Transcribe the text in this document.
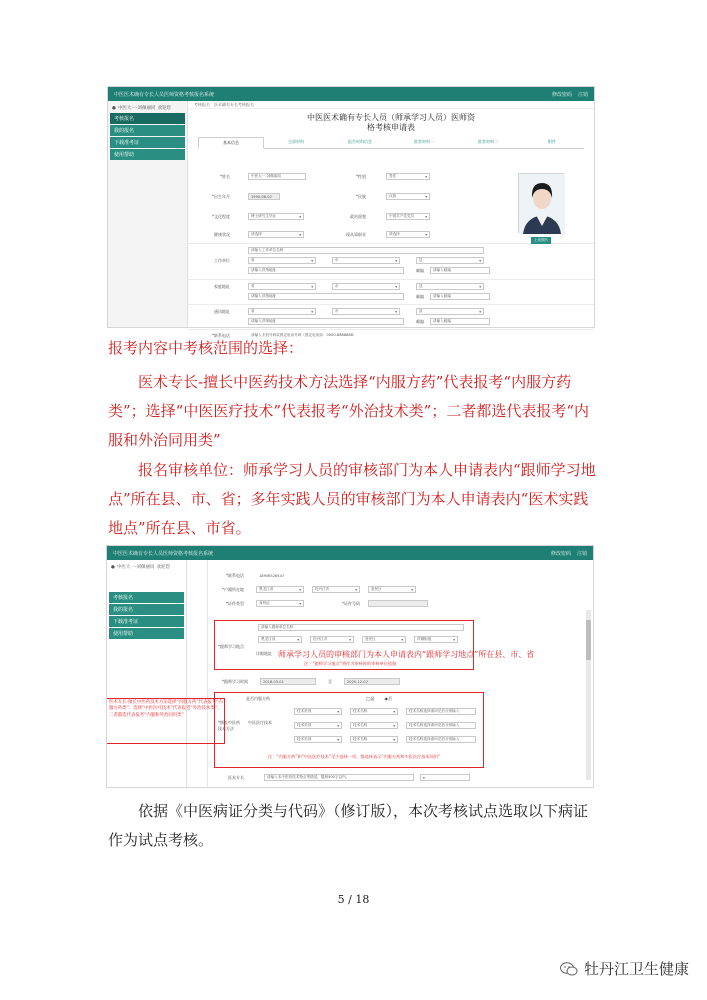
中医医术确有专长人员医师资格考核报名系统	修改密码 注销
● 中医大一-刘佩丽同 欢迎您
考核报名
我的报名
下载准考证
使用帮助
考核报名 医术确有专长考核报名
中医医术确有专长人员（师承学习人员）医师资
格考核申请表
基本信息	全部材料	报告材料信息	推荐材料一	推荐材料二	附件
*姓名	中医大一-刘佩丽同	*性别	男性	▾
*出生年月	1990-08-02	*民族	汉族	▾
*文化程度	博士研究生毕业	▾	政治面貌	中国共产党党员	▾
健康状况	请选择	▾	现从事职业	请选择	▾
请输入工作单位名称
工作单位	省	▾	市	▾	县	▾
请输入详细地址	邮编	请输入邮编
家庭地址	省	▾	市	▾	县	▾
请输入详细地址	邮编	请输入邮编
通讯地址	省	▾	市	▾	县	▾
请输入详细地址	邮编	请输入邮编
*联系电话	请输入手机号码或固定电话号码（固定电话如：0000-8888888）
上传照片
报考内容中考核范围的选择：
医术专长-擅长中医药技术方法选择“内服方药”代表报考“内服方药类”；选择“中医医疗技术”代表报考“外治技术类”；二者都选代表报考“内服和外治同用类”
报名审核单位：师承学习人员的审核部门为本人申请表内“跟师学习地点”所在县、市、省；多年实践人员的审核部门为本人申请表内“医术实践地点”所在县、市省。
中医医术确有专长人员医师资格考核报名系统	修改密码 注销
● 中医大一-刘佩丽同 欢迎您
考核报名
我的报名
下载准考证
使用帮助
*联系电话	18956526547
*户籍所在地	黑龙江省	▾	牡丹江市	▾	爱民区	▾
*证件类型	身份证	▾	*证件号码
请输入跟师单位名称
*跟师学习地点
黑龙江省	▾	牡丹江市	▾	爱民区	▾	祥顺街道	▾
详细地址 师承学习人员的审核部门为本人申请表内“跟师学习地点”所在县、市、省
注：“跟师学习地点”将作为审核时的审核单位依据
*跟师学习时间	2018-03-01	至	2020-12-07
*擅长中医药技术方法
是否内服方药	◯是	◉否
中医医疗技术
技术类别	▾	技术名称	▾	技术名称选择请问完后分别输入
技术类别	▾	技术名称	▾	技术名称选择请问完后分别输入
技术类别	▾	技术名称	▾	技术名称选择请问完后分别输入
注：“内服方药”和“中医医疗技术”至少选择一项，都选择表示“内服方药和中医医疗技术同用”
医术专长	请输入本中医药技术特点等描述，限制500字以内。	▾
医术专长-擅长中医药技术方法选择“内服方药”代表报考“内服方药类”；选择“中医医疗技术”代表报考“外治技术类”；二者都选代表报考“内服和外治同用类”
依据《中医病证分类与代码》（修订版），本次考核试点选取以下病证作为试点考核。
5 / 18
牡丹江卫生健康
